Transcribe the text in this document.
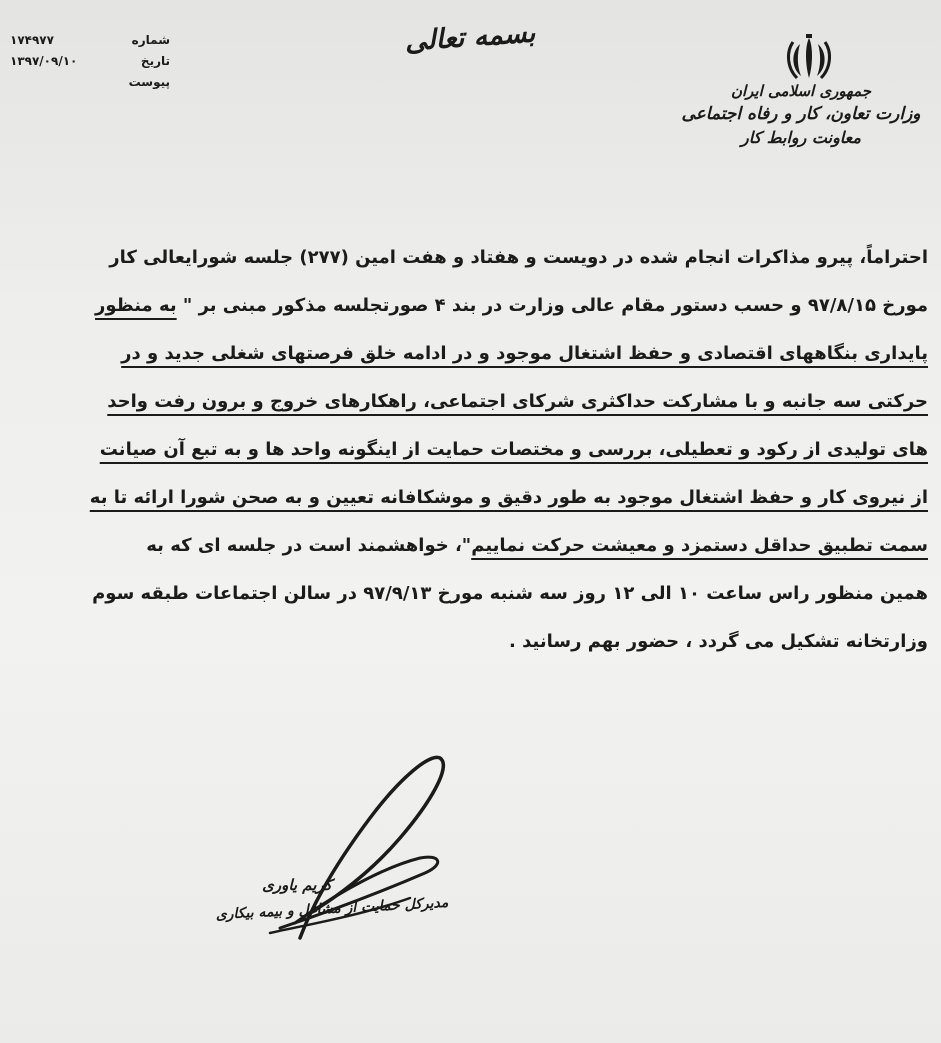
شماره
۱۷۴۹۷۷
تاریخ
۱۳۹۷/۰۹/۱۰
پیوست
بسمه تعالی
جمهوری اسلامی ایران
وزارت تعاون، کار و رفاه اجتماعی
معاونت روابط کار
احتراماً، پیرو مذاکرات انجام شده در دویست و هفتاد و هفت امین (۲۷۷) جلسه شورایعالی کار
مورخ ۹۷/۸/۱۵ و حسب دستور مقام عالی وزارت در بند ۴ صورتجلسه مذکور مبنی بر " به منظور
پایداری بنگاههای اقتصادی و حفظ اشتغال موجود و در ادامه خلق فرصتهای شغلی جدید و در
حرکتی سه جانبه و با مشارکت حداکثری شرکای اجتماعی، راهکارهای خروج و برون رفت واحد
های تولیدی از رکود و تعطیلی، بررسی و مختصات حمایت از اینگونه واحد ها و به تبع آن صیانت
از نیروی کار و حفظ اشتغال موجود به طور دقیق و موشکافانه تعیین و به صحن شورا ارائه تا به
سمت تطبیق حداقل دستمزد و معیشت حرکت نماییم"، خواهشمند است در جلسه ای که به
همین منظور راس ساعت ۱۰ الی ۱۲ روز سه شنبه مورخ ۹۷/۹/۱۳ در سالن اجتماعات طبقه سوم
وزارتخانه تشکیل می گردد ، حضور بهم رسانید .
کریم یاوری
مدیرکل حمایت از مشاغل و بیمه بیکاری
